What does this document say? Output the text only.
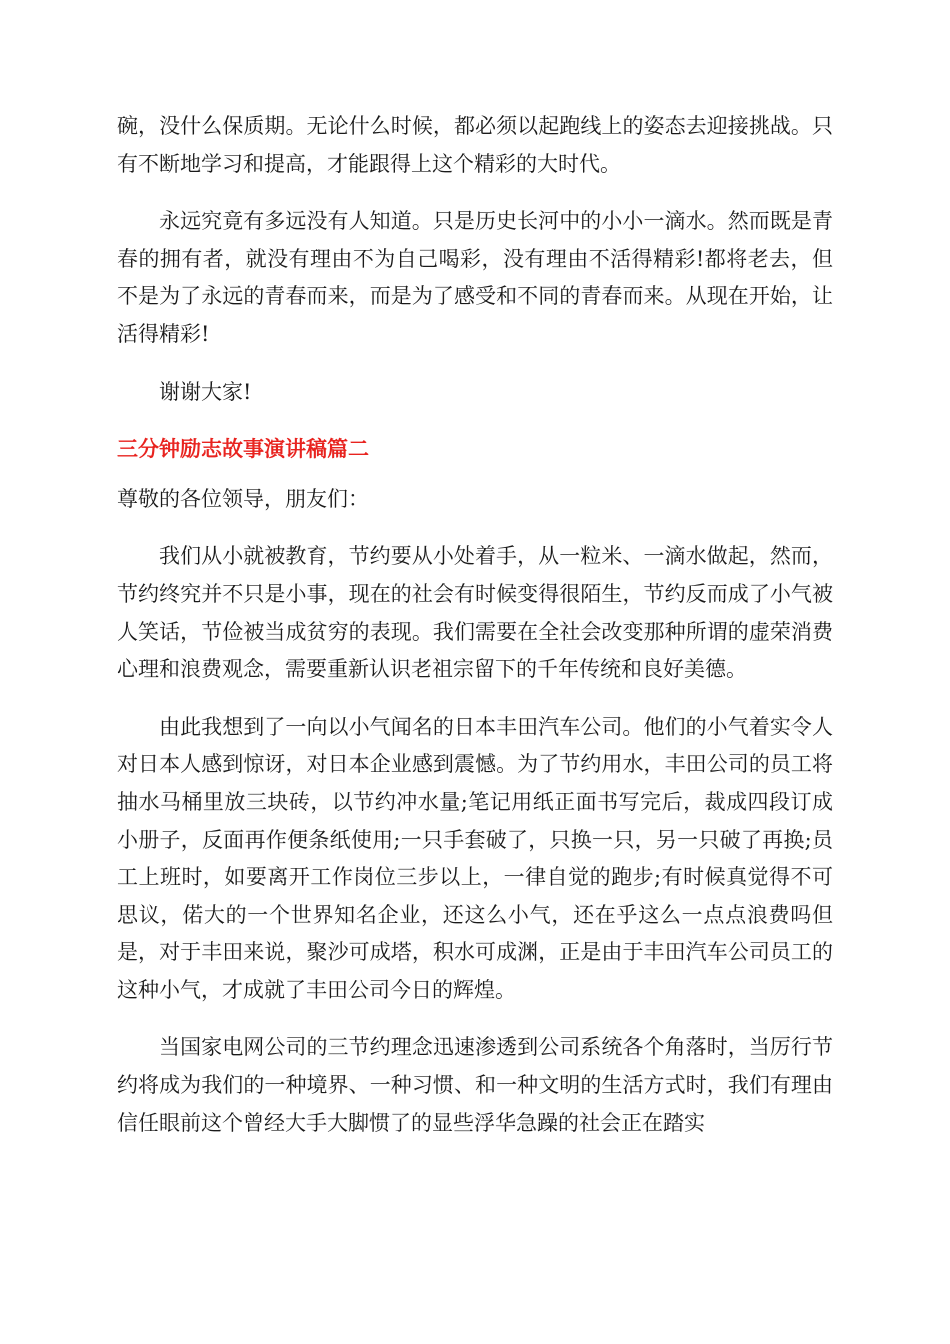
碗，没什么保质期。无论什么时候，都必须以起跑线上的姿态去迎接挑战。只有不断地学习和提高，才能跟得上这个精彩的大时代。

永远究竟有多远没有人知道。只是历史长河中的小小一滴水。然而既是青春的拥有者，就没有理由不为自己喝彩，没有理由不活得精彩!都将老去，但不是为了永远的青春而来，而是为了感受和不同的青春而来。从现在开始，让活得精彩!

谢谢大家!

三分钟励志故事演讲稿篇二

尊敬的各位领导，朋友们：

我们从小就被教育，节约要从小处着手，从一粒米、一滴水做起，然而，节约终究并不只是小事，现在的社会有时候变得很陌生，节约反而成了小气被人笑话，节俭被当成贫穷的表现。我们需要在全社会改变那种所谓的虚荣消费心理和浪费观念，需要重新认识老祖宗留下的千年传统和良好美德。

由此我想到了一向以小气闻名的日本丰田汽车公司。他们的小气着实令人对日本人感到惊讶，对日本企业感到震憾。为了节约用水，丰田公司的员工将抽水马桶里放三块砖，以节约冲水量;笔记用纸正面书写完后，裁成四段订成小册子，反面再作便条纸使用;一只手套破了，只换一只，另一只破了再换;员工上班时，如要离开工作岗位三步以上，一律自觉的跑步;有时候真觉得不可思议，偌大的一个世界知名企业，还这么小气，还在乎这么一点点浪费吗但是，对于丰田来说，聚沙可成塔，积水可成渊，正是由于丰田汽车公司员工的这种小气，才成就了丰田公司今日的辉煌。

当国家电网公司的三节约理念迅速渗透到公司系统各个角落时，当厉行节约将成为我们的一种境界、一种习惯、和一种文明的生活方式时，我们有理由信任眼前这个曾经大手大脚惯了的显些浮华急躁的社会正在踏实
